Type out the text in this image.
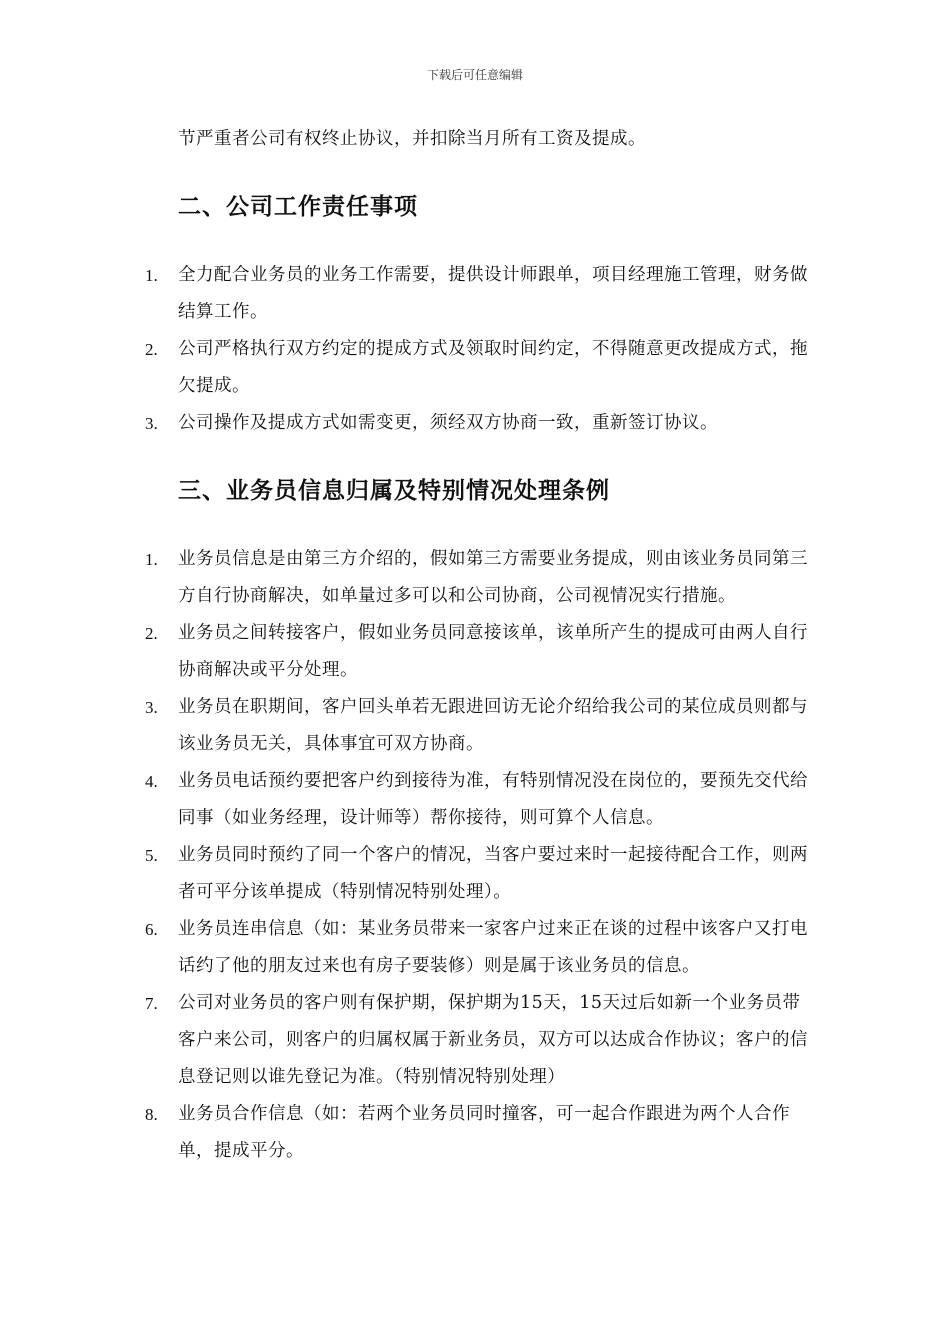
下载后可任意编辑
节严重者公司有权终止协议，并扣除当月所有工资及提成。
二、公司工作责任事项
1. 全力配合业务员的业务工作需要，提供设计师跟单，项目经理施工管理，财务做结算工作。
2. 公司严格执行双方约定的提成方式及领取时间约定，不得随意更改提成方式，拖欠提成。
3. 公司操作及提成方式如需变更，须经双方协商一致，重新签订协议。
三、业务员信息归属及特别情况处理条例
1. 业务员信息是由第三方介绍的，假如第三方需要业务提成，则由该业务员同第三方自行协商解决，如单量过多可以和公司协商，公司视情况实行措施。
2. 业务员之间转接客户，假如业务员同意接该单，该单所产生的提成可由两人自行协商解决或平分处理。
3. 业务员在职期间，客户回头单若无跟进回访无论介绍给我公司的某位成员则都与该业务员无关，具体事宜可双方协商。
4. 业务员电话预约要把客户约到接待为准，有特别情况没在岗位的，要预先交代给同事（如业务经理，设计师等）帮你接待，则可算个人信息。
5. 业务员同时预约了同一个客户的情况，当客户要过来时一起接待配合工作，则两者可平分该单提成（特别情况特别处理）。
6. 业务员连串信息（如：某业务员带来一家客户过来正在谈的过程中该客户又打电话约了他的朋友过来也有房子要装修）则是属于该业务员的信息。
7. 公司对业务员的客户则有保护期，保护期为15天，15天过后如新一个业务员带客户来公司，则客户的归属权属于新业务员，双方可以达成合作协议；客户的信息登记则以谁先登记为准。（特别情况特别处理）
8. 业务员合作信息（如：若两个业务员同时撞客，可一起合作跟进为两个人合作单，提成平分。
